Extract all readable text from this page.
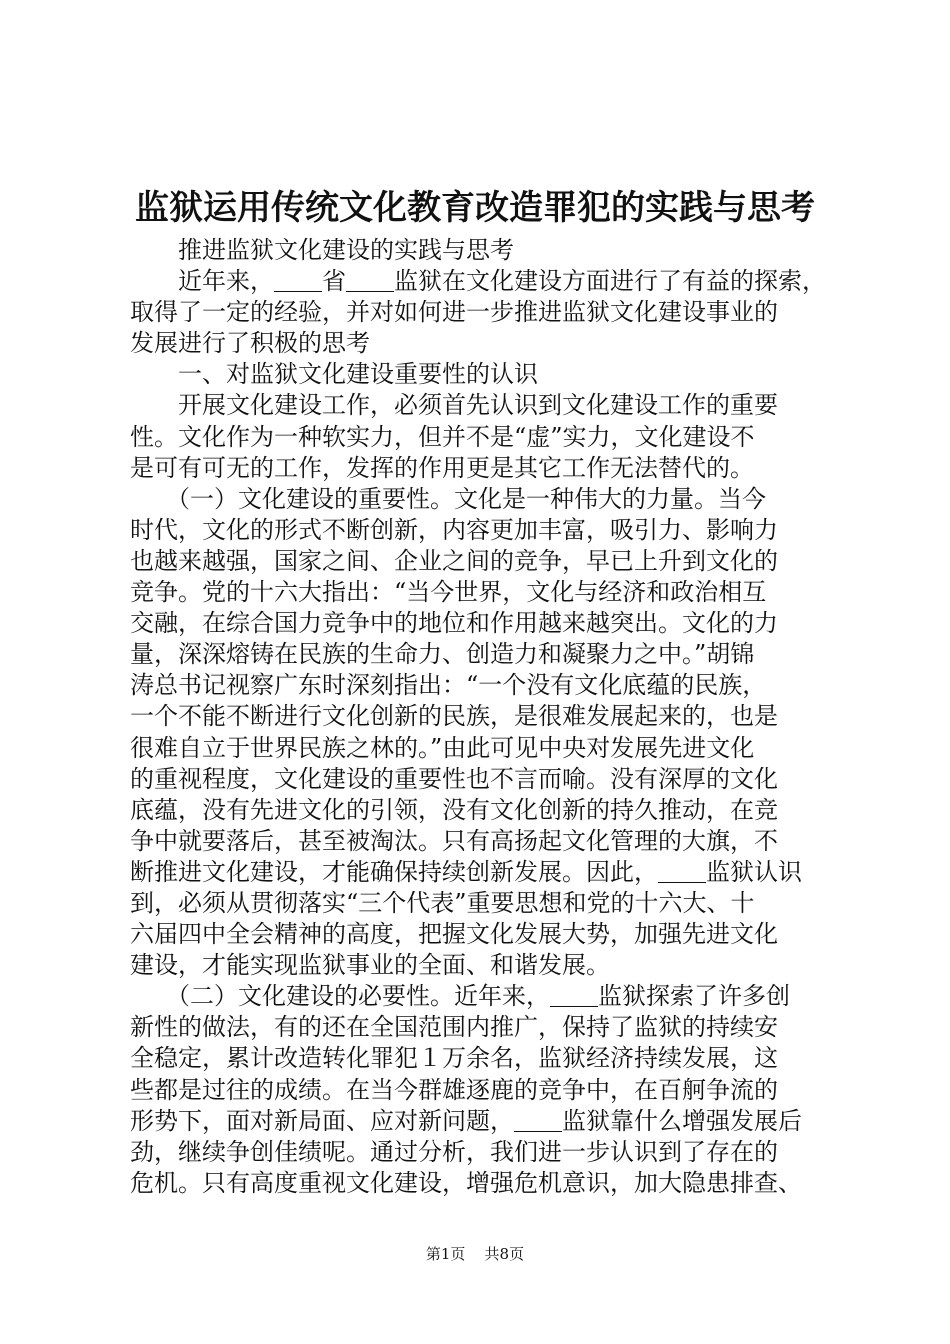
监狱运用传统文化教育改造罪犯的实践与思考
　　推进监狱文化建设的实践与思考
　　近年来，＿＿省＿＿监狱在文化建设方面进行了有益的探索，
取得了一定的经验，并对如何进一步推进监狱文化建设事业的
发展进行了积极的思考
　　一、对监狱文化建设重要性的认识
　　开展文化建设工作，必须首先认识到文化建设工作的重要
性。文化作为一种软实力，但并不是“虚”实力，文化建设不
是可有可无的工作，发挥的作用更是其它工作无法替代的。
　　（一）文化建设的重要性。文化是一种伟大的力量。当今
时代，文化的形式不断创新，内容更加丰富，吸引力、影响力
也越来越强，国家之间、企业之间的竞争，早已上升到文化的
竞争。党的十六大指出：“当今世界，文化与经济和政治相互
交融，在综合国力竞争中的地位和作用越来越突出。文化的力
量，深深熔铸在民族的生命力、创造力和凝聚力之中。”胡锦
涛总书记视察广东时深刻指出：“一个没有文化底蕴的民族，
一个不能不断进行文化创新的民族，是很难发展起来的，也是
很难自立于世界民族之林的。”由此可见中央对发展先进文化
的重视程度，文化建设的重要性也不言而喻。没有深厚的文化
底蕴，没有先进文化的引领，没有文化创新的持久推动，在竞
争中就要落后，甚至被淘汰。只有高扬起文化管理的大旗，不
断推进文化建设，才能确保持续创新发展。因此，＿＿监狱认识
到，必须从贯彻落实“三个代表”重要思想和党的十六大、十
六届四中全会精神的高度，把握文化发展大势，加强先进文化
建设，才能实现监狱事业的全面、和谐发展。
　　（二）文化建设的必要性。近年来，＿＿监狱探索了许多创
新性的做法，有的还在全国范围内推广，保持了监狱的持续安
全稳定，累计改造转化罪犯１万余名，监狱经济持续发展，这
些都是过往的成绩。在当今群雄逐鹿的竞争中，在百舸争流的
形势下，面对新局面、应对新问题，＿＿监狱靠什么增强发展后
劲，继续争创佳绩呢。通过分析，我们进一步认识到了存在的
危机。只有高度重视文化建设，增强危机意识，加大隐患排查、
第1页 共8页
